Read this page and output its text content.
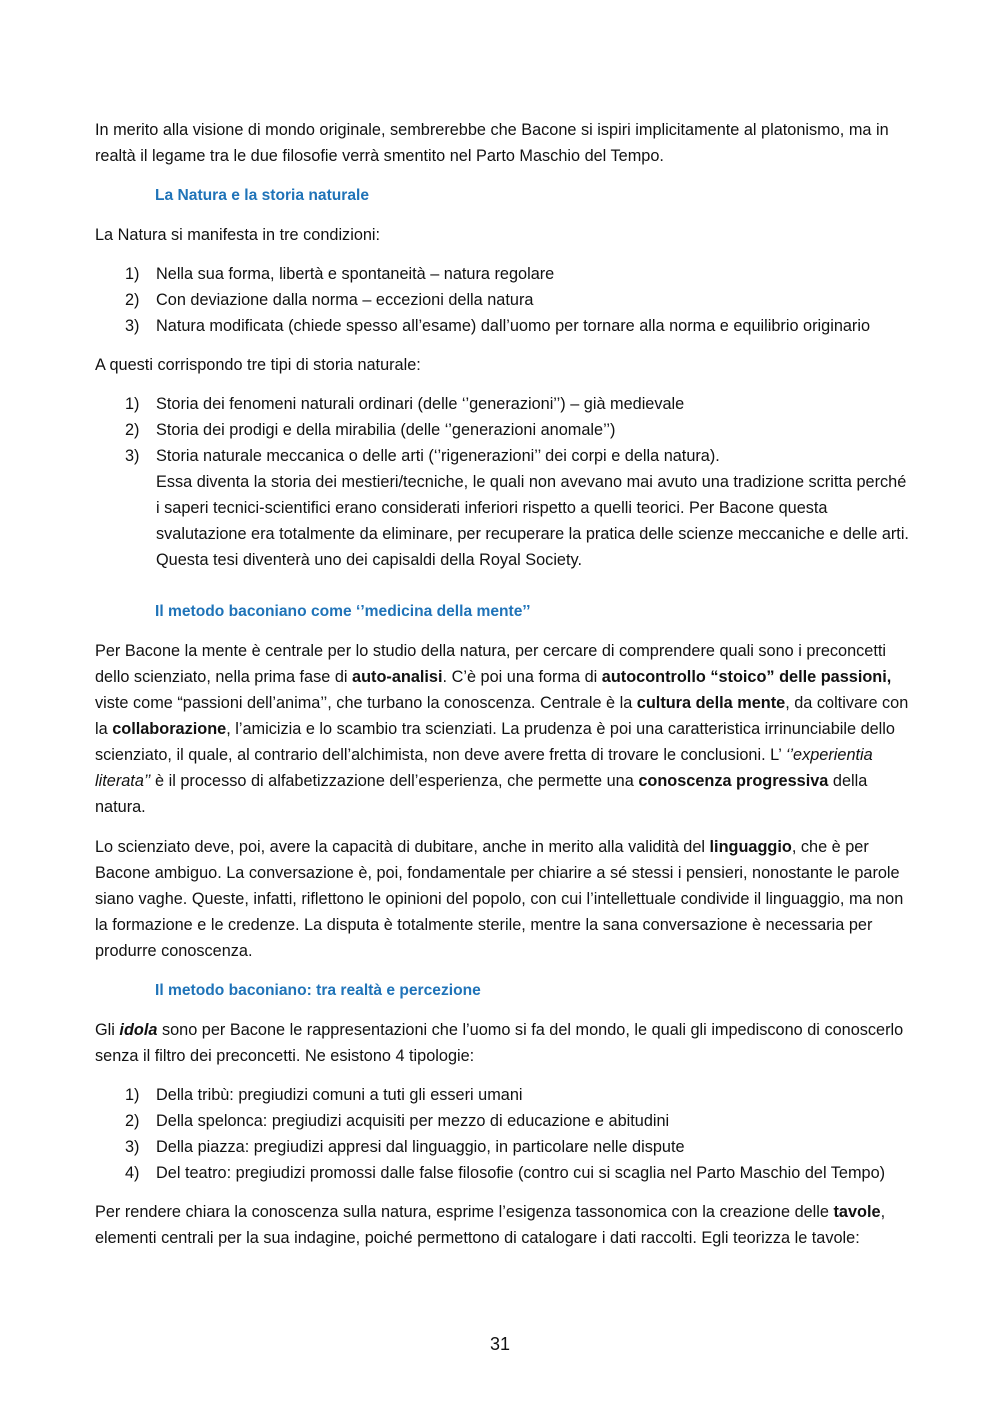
In merito alla visione di mondo originale, sembrerebbe che Bacone si ispiri implicitamente al platonismo, ma in realtà il legame tra le due filosofie verrà smentito nel Parto Maschio del Tempo.

La Natura e la storia naturale

La Natura si manifesta in tre condizioni:

1) Nella sua forma, libertà e spontaneità – natura regolare
2) Con deviazione dalla norma – eccezioni della natura
3) Natura modificata (chiede spesso all’esame) dall’uomo per tornare alla norma e equilibrio originario

A questi corrispondo tre tipi di storia naturale:

1) Storia dei fenomeni naturali ordinari (delle ‘’generazioni’’) – già medievale
2) Storia dei prodigi e della mirabilia (delle ‘’generazioni anomale’’)
3) Storia naturale meccanica o delle arti (‘’rigenerazioni’’ dei corpi e della natura).
Essa diventa la storia dei mestieri/tecniche, le quali non avevano mai avuto una tradizione scritta perché i saperi tecnici-scientifici erano considerati inferiori rispetto a quelli teorici. Per Bacone questa svalutazione era totalmente da eliminare, per recuperare la pratica delle scienze meccaniche e delle arti. Questa tesi diventerà uno dei capisaldi della Royal Society.

Il metodo baconiano come ‘’medicina della mente’’

Per Bacone la mente è centrale per lo studio della natura, per cercare di comprendere quali sono i preconcetti dello scienziato, nella prima fase di auto-analisi. C’è poi una forma di autocontrollo “stoico” delle passioni, viste come “passioni dell’anima’’, che turbano la conoscenza. Centrale è la cultura della mente, da coltivare con la collaborazione, l’amicizia e lo scambio tra scienziati. La prudenza è poi una caratteristica irrinunciabile dello scienziato, il quale, al contrario dell’alchimista, non deve avere fretta di trovare le conclusioni. L’ ‘’experientia literata’’ è il processo di alfabetizzazione dell’esperienza, che permette una conoscenza progressiva della natura.

Lo scienziato deve, poi, avere la capacità di dubitare, anche in merito alla validità del linguaggio, che è per Bacone ambiguo. La conversazione è, poi, fondamentale per chiarire a sé stessi i pensieri, nonostante le parole siano vaghe. Queste, infatti, riflettono le opinioni del popolo, con cui l’intellettuale condivide il linguaggio, ma non la formazione e le credenze. La disputa è totalmente sterile, mentre la sana conversazione è necessaria per produrre conoscenza.

Il metodo baconiano: tra realtà e percezione

Gli idola sono per Bacone le rappresentazioni che l’uomo si fa del mondo, le quali gli impediscono di conoscerlo senza il filtro dei preconcetti. Ne esistono 4 tipologie:

1) Della tribù: pregiudizi comuni a tuti gli esseri umani
2) Della spelonca: pregiudizi acquisiti per mezzo di educazione e abitudini
3) Della piazza: pregiudizi appresi dal linguaggio, in particolare nelle dispute
4) Del teatro: pregiudizi promossi dalle false filosofie (contro cui si scaglia nel Parto Maschio del Tempo)

Per rendere chiara la conoscenza sulla natura, esprime l’esigenza tassonomica con la creazione delle tavole, elementi centrali per la sua indagine, poiché permettono di catalogare i dati raccolti. Egli teorizza le tavole:

31
